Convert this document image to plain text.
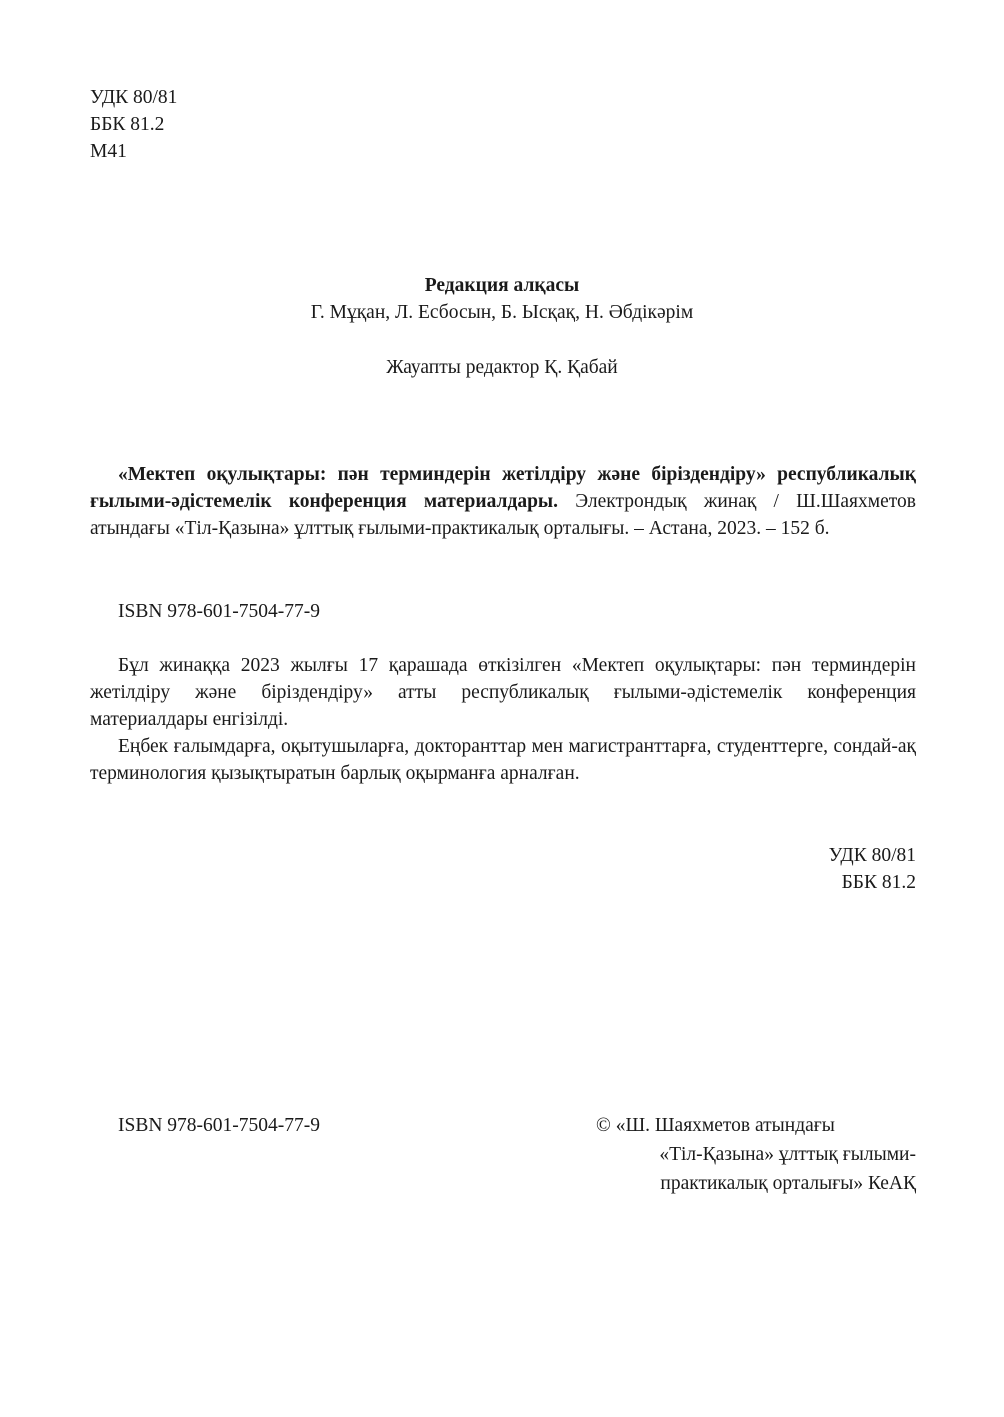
УДК 80/81
ББК 81.2
М41
Редакция алқасы
Г. Мұқан, Л. Есбосын, Б. Ысқақ, Н. Әбдікәрім
Жауапты редактор Қ. Қабай
«Мектеп оқулықтары: пән терминдерін жетілдіру және біріздендіру» республикалық ғылыми-әдістемелік конференция материалдары. Электрондық жинақ / Ш.Шаяхметов атындағы «Тіл-Қазына» ұлттық ғылыми-практикалық орталығы. – Астана, 2023. – 152 б.
ISBN 978-601-7504-77-9

Бұл жинаққа 2023 жылғы 17 қарашада өткізілген «Мектеп оқулықтары: пән терминдерін жетілдіру және біріздендіру» атты республикалық ғылыми-әдістемелік конференция материалдары енгізілді.

Еңбек ғалымдарға, оқытушыларға, докторанттар мен магистранттарға, студенттерге, сондай-ақ терминология қызықтыратын барлық оқырманға арналған.

УДК 80/81
ББК 81.2
ISBN 978-601-7504-77-9	© «Ш. Шаяхметов атындағы
«Тіл-Қазына» ұлттық ғылыми-
практикалық орталығы» КеАҚ
